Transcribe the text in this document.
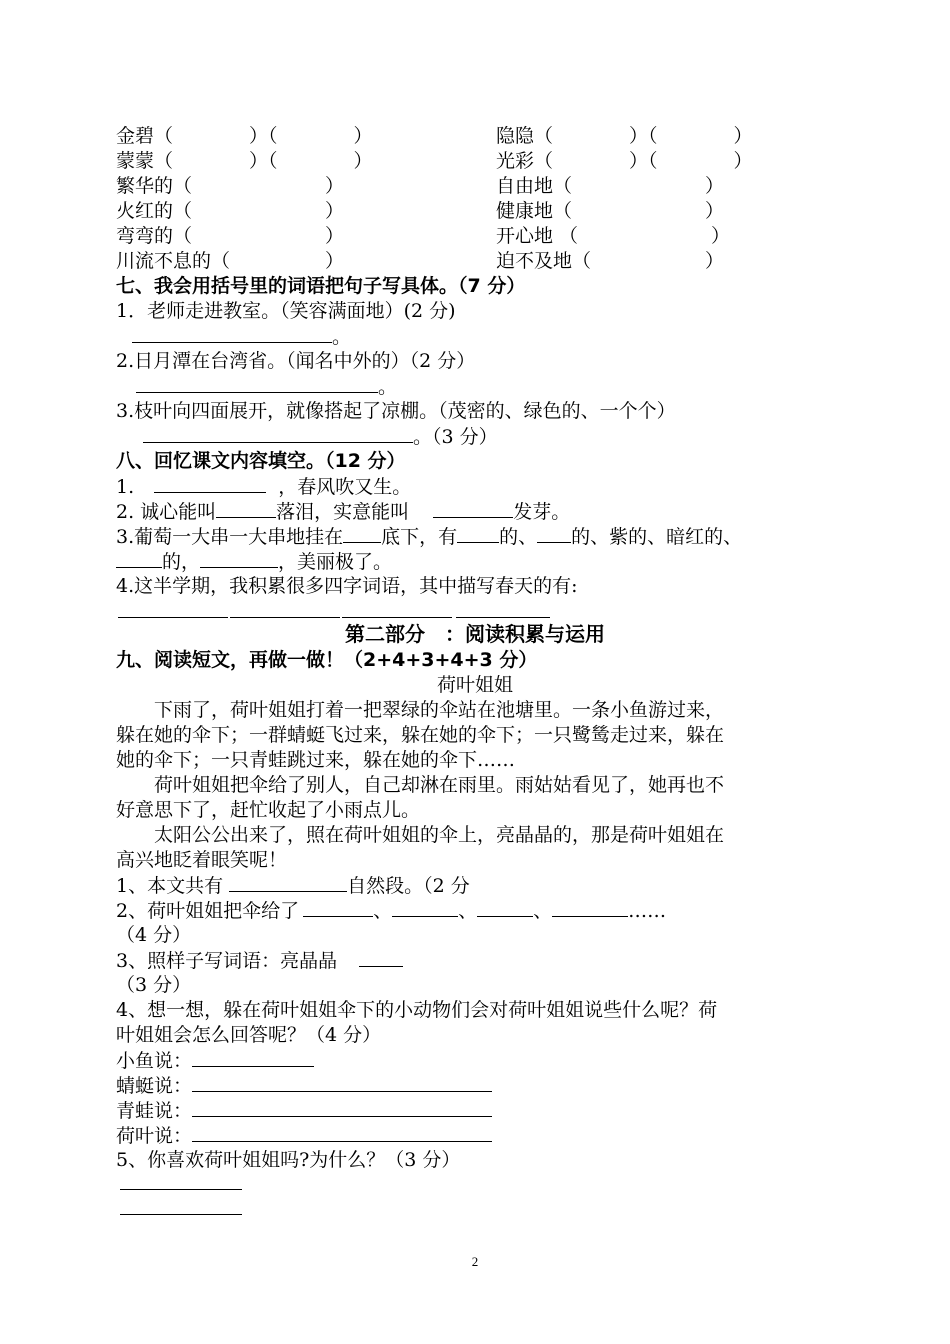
金碧（　　　　）（　　　　）	隐隐（　　　　）（　　　　）
蒙蒙（　　　　）（　　　　）	光彩（　　　　）（　　　　）
繁华的（　　　　　　　）	自由地（　　　　　　　）
火红的（　　　　　　　）	健康地（　　　　　　　）
弯弯的（　　　　　　　）	开心地 （　　　　　　　）
川流不息的（　　　　　）	迫不及地（　　　　　　）
七、我会用括号里的词语把句子写具体。（7 分）
1．老师走进教室。（笑容满面地）(2 分)
。
2.日月潭在台湾省。（闻名中外的）（2 分）
。
3.枝叶向四面展开，就像搭起了凉棚。（茂密的、绿色的、一个个）
。（3 分）
八、回忆课文内容填空。（12 分）
1.	，春风吹又生。
2. 诚心能叫	落泪，实意能叫	发芽。
3.葡萄一大串一大串地挂在 底下，有 的、 的、紫的、暗红的、
的，	，美丽极了。
4.这半学期，我积累很多四字词语，其中描写春天的有:
第二部分　：阅读积累与运用
九、阅读短文，再做一做！（2+4+3+4+3 分）
荷叶姐姐
　　下雨了，荷叶姐姐打着一把翠绿的伞站在池塘里。一条小鱼游过来，
躲在她的伞下；一群蜻蜓飞过来，躲在她的伞下；一只鹭鸶走过来，躲在
她的伞下；一只青蛙跳过来，躲在她的伞下……
　　荷叶姐姐把伞给了别人，自己却淋在雨里。雨姑姑看见了，她再也不
好意思下了，赶忙收起了小雨点儿。
　　太阳公公出来了，照在荷叶姐姐的伞上，亮晶晶的，那是荷叶姐姐在
高兴地眨着眼笑呢！
1、本文共有	自然段。（2 分
2、荷叶姐姐把伞给了	、	、	、	……
（4 分）
3、照样子写词语：亮晶晶
（3 分）
4、想一想，躲在荷叶姐姐伞下的小动物们会对荷叶姐姐说些什么呢？荷
叶姐姐会怎么回答呢？（4 分）
小鱼说：
蜻蜓说：
青蛙说：
荷叶说：
5、你喜欢荷叶姐姐吗?为什么？（3 分）
2
